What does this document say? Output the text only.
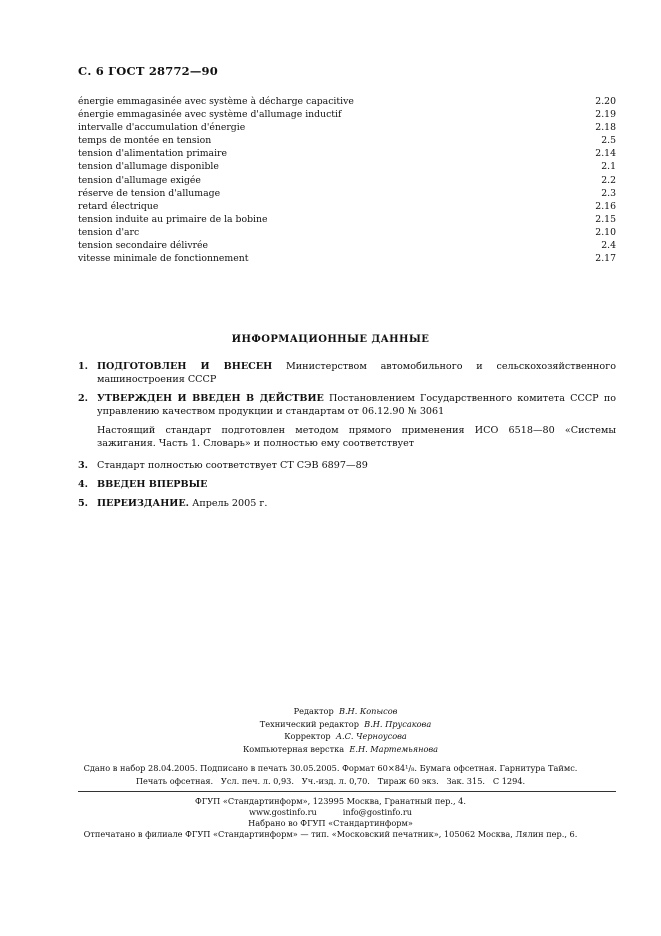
С. 6 ГОСТ 28772—90
énergie emmagasinée avec système à décharge capacitive	2.20
énergie emmagasinée avec système d'allumage inductif	2.19
intervalle d'accumulation d'énergie	2.18
temps de montée en tension	2.5
tension d'alimentation primaire	2.14
tension d'allumage disponible	2.1
tension d'allumage exigée	2.2
réserve de tension d'allumage	2.3
retard électrique	2.16
tension induite au primaire de la bobine	2.15
tension d'arc	2.10
tension secondaire délivrée	2.4
vitesse minimale de fonctionnement	2.17
ИНФОРМАЦИОННЫЕ ДАННЫЕ
1. ПОДГОТОВЛЕН И ВНЕСЕН Министерством автомобильного и сельскохозяйственного машиностроения СССР
2. УТВЕРЖДЕН И ВВЕДЕН В ДЕЙСТВИЕ Постановлением Государственного комитета СССР по управлению качеством продукции и стандартам от 06.12.90 № 3061
Настоящий стандарт подготовлен методом прямого применения ИСО 6518—80 «Системы зажигания. Часть 1. Словарь» и полностью ему соответствует
3. Стандарт полностью соответствует СТ СЭВ 6897—89
4. ВВЕДЕН ВПЕРВЫЕ
5. ПЕРЕИЗДАНИЕ. Апрель 2005 г.
Редактор В.Н. Копысов
Технический редактор В.Н. Прусакова
Корректор А.С. Черноусова
Компьютерная верстка Е.Н. Мартемьянова
Сдано в набор 28.04.2005. Подписано в печать 30.05.2005. Формат 60×84¹/₈. Бумага офсетная. Гарнитура Таймс.
Печать офсетная.   Усл. печ. л. 0,93.   Уч.-изд. л. 0,70.   Тираж 60 экз.   Зак. 315.   С 1294.
ФГУП «Стандартинформ», 123995 Москва, Гранатный пер., 4.
www.gostinfo.ru          info@gostinfo.ru
Набрано во ФГУП «Стандартинформ»
Отпечатано в филиале ФГУП «Стандартинформ» — тип. «Московский печатник», 105062 Москва, Лялин пер., 6.
